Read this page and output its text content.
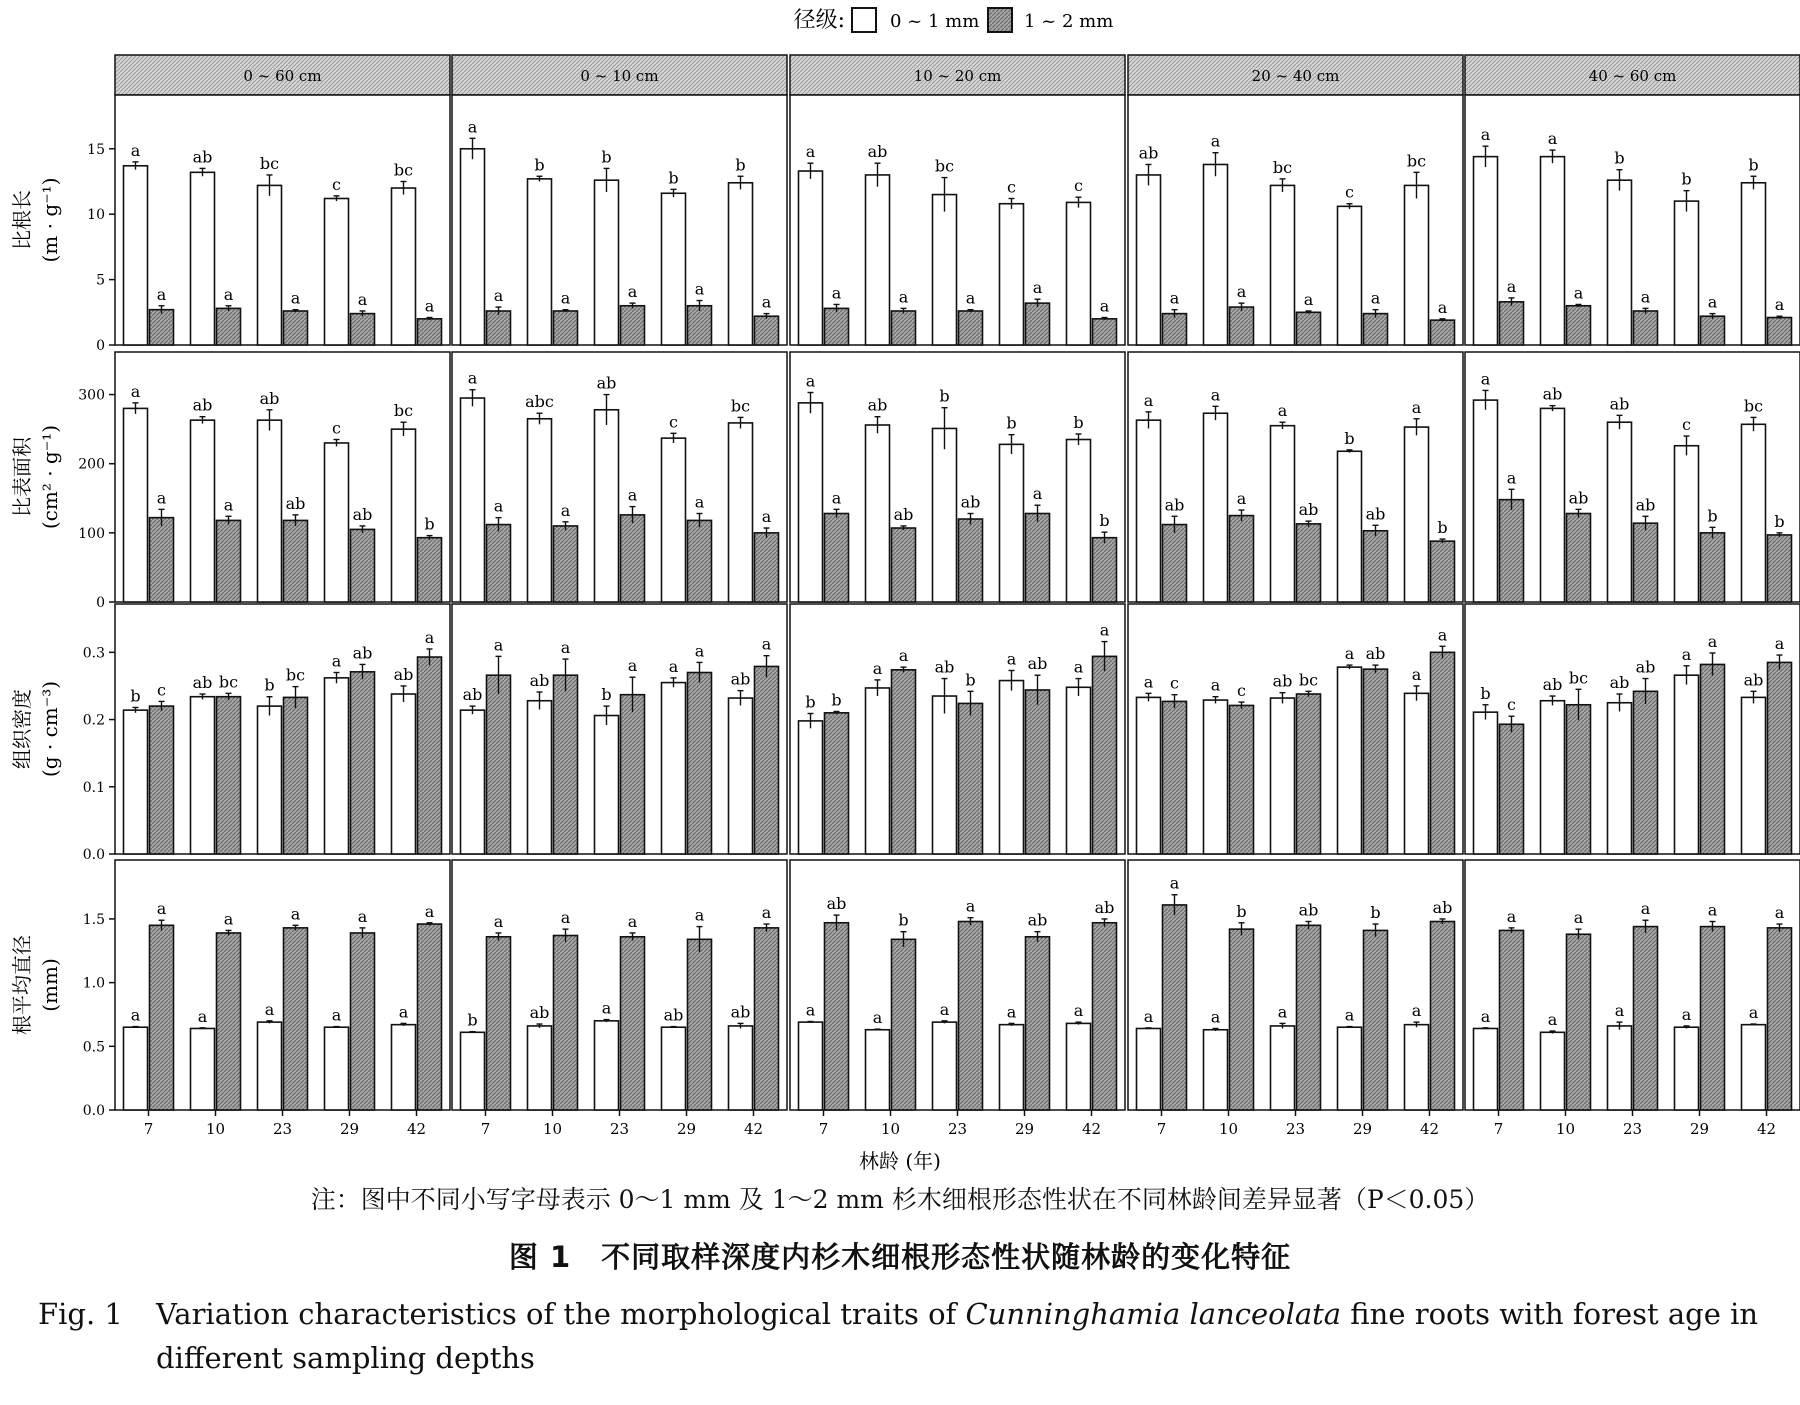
径级:	0 ~ 1 mm 1 ~ 2 mm
0 ~ 60 cm	0 ~ 10 cm	10 ~ 20 cm	20 ~ 40 cm	40 ~ 60 cm
比根长 (m · g⁻¹)
0
5
10
15 a
a
ab
a
bc
a
c
a
bc
a
a
a
b
a
b
a
b
a
b
a
a
a
ab
a
bc
a
c
a
c
a
ab
a
a
a
bc
a
c
a
bc
a
a
a
a
a
b
a
b
a
b
a
比表面积 (cm² · g⁻¹)
0
100
200
300 a
a
ab
a
ab
ab
c
ab
bc
b
a
a
abc
a
ab
a
c
a
bc
a
a
a
ab
ab
b
ab
b
a
b
b
a
ab
a
a
a
ab
b
ab
a
b
a
a
ab
ab
ab
ab
c
b
bc
b
组织密度 (g · cm⁻³)
0.0
0.1
0.2
0.3
b c ab bc b
bc
a ab
ab
a
ab
a
ab
a
b
a a
a
ab
a
b b
a
a
ab
b
a ab a
a
a c a c ab bc
a ab
a
a
b
c
ab bc ab
ab
a
a
ab
a
根平均直径 (mm)
0.0
0.5
1.0
1.5
a
a
7
a
a
10
a
a
23
a
a
29
a
a
42
b
a
7
ab
a
10
a
a
23
ab
a
29
ab
a
42
a
ab
7
a
b
10
a
a
23
a
ab
29
a
ab
42
a
a
7
a
b
10
a
ab
23
a
b
29
a
ab
42
a
a
7
a
a
10
a
a
23
a
a
29
a
a
42
林龄 (年)
注：图中不同小写字母表示 0～1 mm 及 1～2 mm 杉木细根形态性状在不同林龄间差异显著（P＜0.05）
图 1　不同取样深度内杉木细根形态性状随林龄的变化特征
Fig. 1 Variation characteristics of the morphological traits of Cunninghamia lanceolata fine roots with forest age in different sampling depths
